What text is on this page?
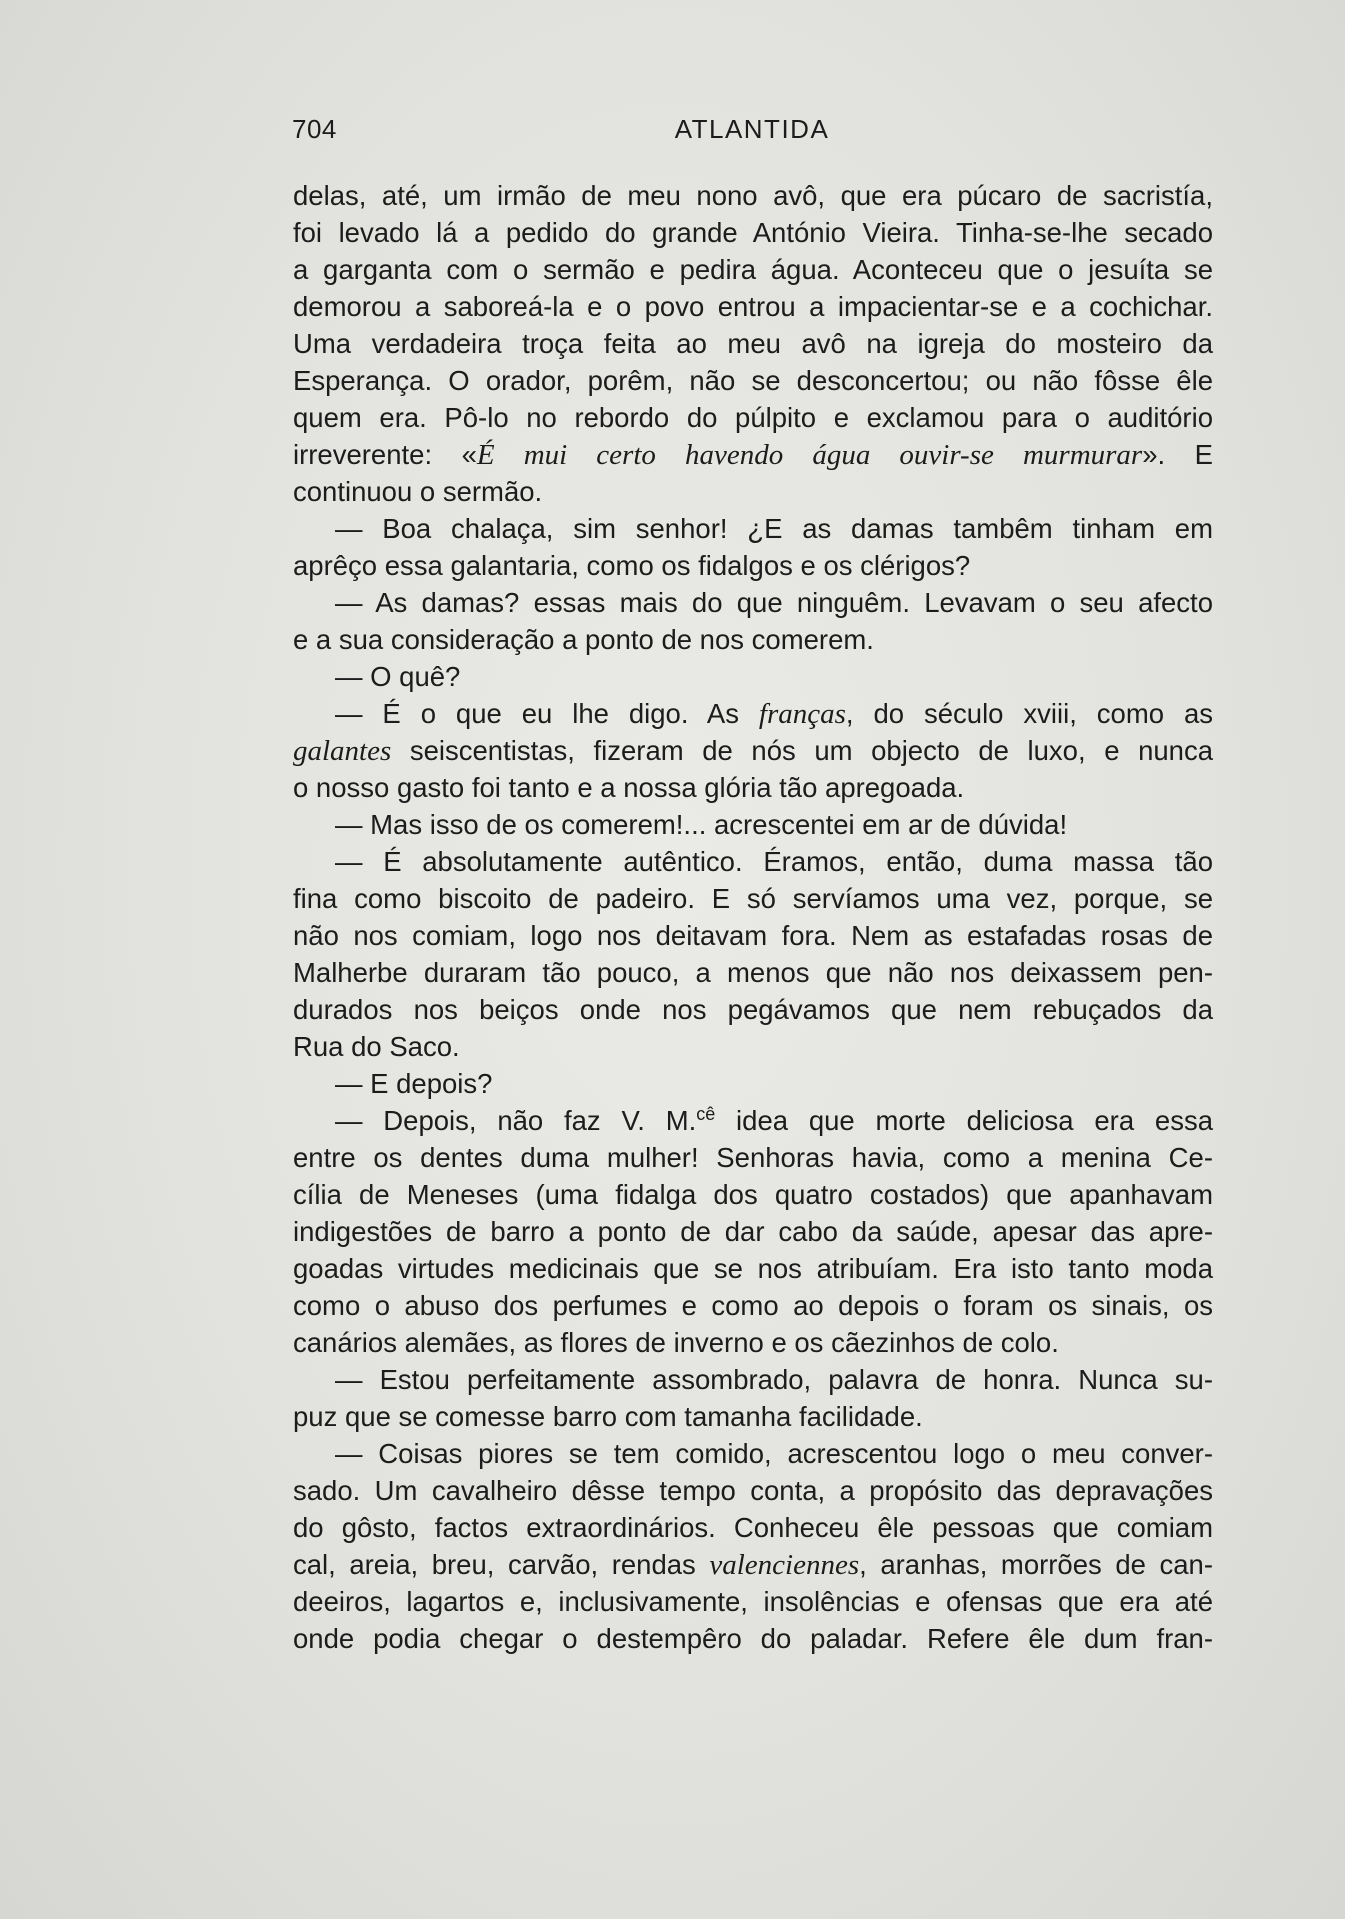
704	ATLANTIDA
delas, até, um irmão de meu nono avô, que era púcaro de sacristía,
foi levado lá a pedido do grande António Vieira. Tinha-se-lhe secado
a garganta com o sermão e pedira água. Aconteceu que o jesuíta se
demorou a saboreá-la e o povo entrou a impacientar-se e a cochichar.
Uma verdadeira troça feita ao meu avô na igreja do mosteiro da
Esperança. O orador, porêm, não se desconcertou; ou não fôsse êle
quem era. Pô-lo no rebordo do púlpito e exclamou para o auditório
irreverente: «É mui certo havendo água ouvir-se murmurar». E
continuou o sermão.
— Boa chalaça, sim senhor! ¿E as damas tambêm tinham em
aprêço essa galantaria, como os fidalgos e os clérigos?
— As damas? essas mais do que ninguêm. Levavam o seu afecto
e a sua consideração a ponto de nos comerem.
— O quê?
— É o que eu lhe digo. As franças, do século xviii, como as
galantes seiscentistas, fizeram de nós um objecto de luxo, e nunca
o nosso gasto foi tanto e a nossa glória tão apregoada.
— Mas isso de os comerem!... acrescentei em ar de dúvida!
— É absolutamente autêntico. Éramos, então, duma massa tão
fina como biscoito de padeiro. E só servíamos uma vez, porque, se
não nos comiam, logo nos deitavam fora. Nem as estafadas rosas de
Malherbe duraram tão pouco, a menos que não nos deixassem pen-
durados nos beiços onde nos pegávamos que nem rebuçados da
Rua do Saco.
— E depois?
— Depois, não faz V. M.$^{cê}$ idea que morte deliciosa era essa
entre os dentes duma mulher! Senhoras havia, como a menina Ce-
cília de Meneses (uma fidalga dos quatro costados) que apanhavam
indigestões de barro a ponto de dar cabo da saúde, apesar das apre-
goadas virtudes medicinais que se nos atribuíam. Era isto tanto moda
como o abuso dos perfumes e como ao depois o foram os sinais, os
canários alemães, as flores de inverno e os cãezinhos de colo.
— Estou perfeitamente assombrado, palavra de honra. Nunca su-
puz que se comesse barro com tamanha facilidade.
— Coisas piores se tem comido, acrescentou logo o meu conver-
sado. Um cavalheiro dêsse tempo conta, a propósito das depravações
do gôsto, factos extraordinários. Conheceu êle pessoas que comiam
cal, areia, breu, carvão, rendas valenciennes, aranhas, morrões de can-
deeiros, lagartos e, inclusivamente, insolências e ofensas que era até
onde podia chegar o destempêro do paladar. Refere êle dum fran-
